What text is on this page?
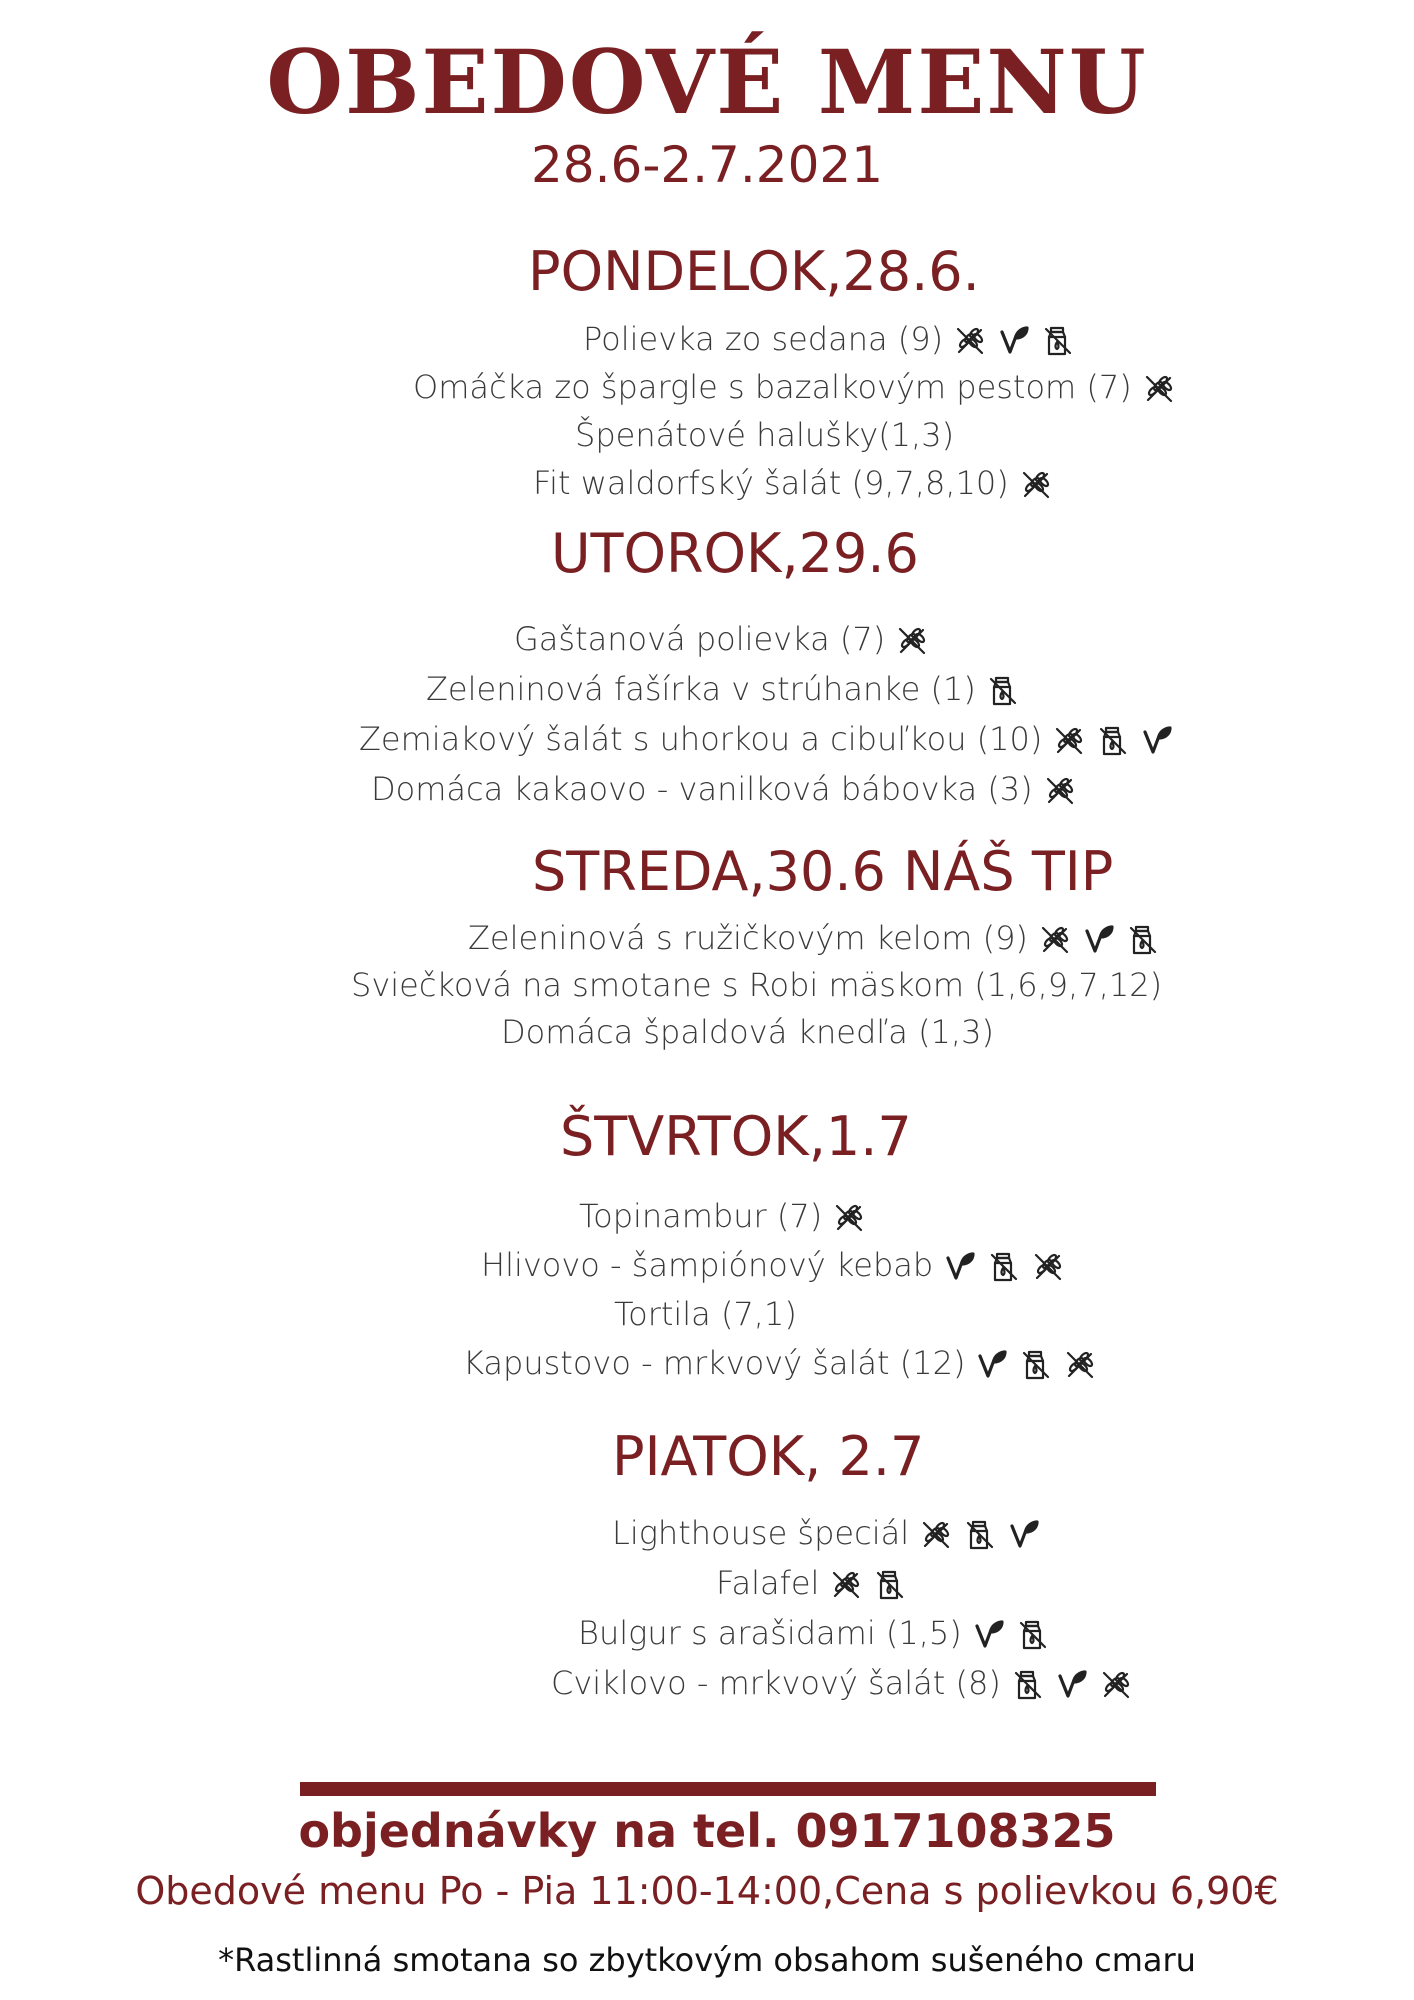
OBEDOVÉ MENU
28.6-2.7.2021
PONDELOK,28.6.
Polievka zo sedana (9)
Omáčka zo špargle s bazalkovým pestom (7)
Špenátové halušky(1,3)
Fit waldorfský šalát (9,7,8,10)
UTOROK,29.6
Gaštanová polievka (7)
Zeleninová fašírka v strúhanke (1)
Zemiakový šalát s uhorkou a cibuľkou (10)
Domáca kakaovo - vanilková bábovka (3)
STREDA,30.6 NÁŠ TIP
Zeleninová s ružičkovým kelom (9)
Sviečková na smotane s Robi mäskom (1,6,9,7,12)
Domáca špaldová knedľa (1,3)
ŠTVRTOK,1.7
Topinambur (7)
Hlivovo - šampiónový kebab
Tortila (7,1)
Kapustovo - mrkvový šalát (12)
PIATOK, 2.7
Lighthouse špeciál
Falafel
Bulgur s arašidami (1,5)
Cviklovo - mrkvový šalát (8)
objednávky na tel. 0917108325
Obedové menu Po - Pia 11:00-14:00,Cena s polievkou 6,90€
*Rastlinná smotana so zbytkovým obsahom sušeného cmaru
